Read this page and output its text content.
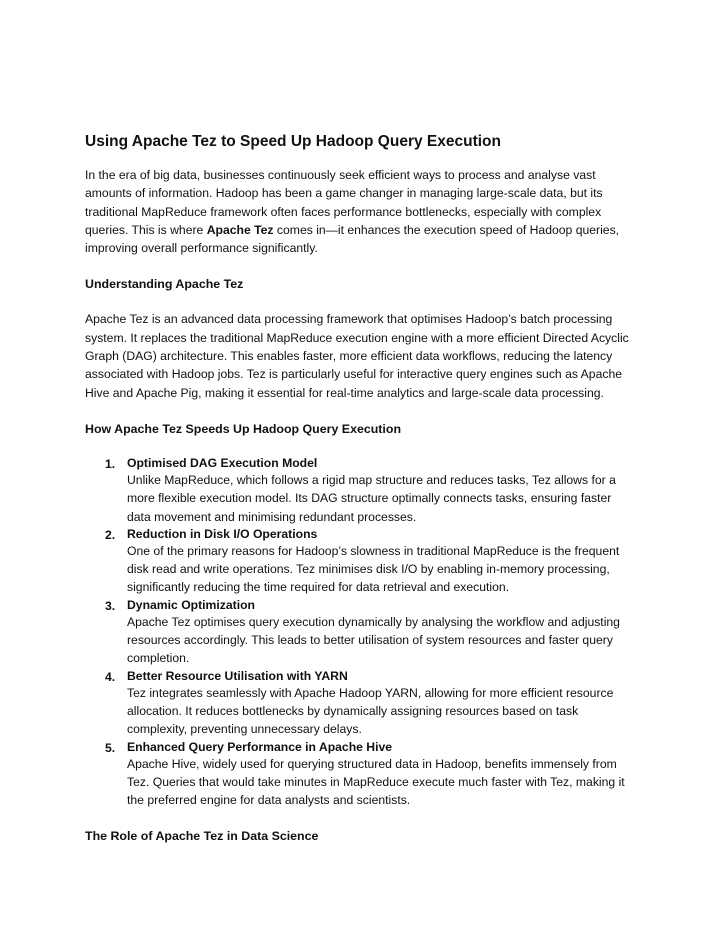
Using Apache Tez to Speed Up Hadoop Query Execution

In the era of big data, businesses continuously seek efficient ways to process and analyse vast amounts of information. Hadoop has been a game changer in managing large-scale data, but its traditional MapReduce framework often faces performance bottlenecks, especially with complex queries. This is where Apache Tez comes in—it enhances the execution speed of Hadoop queries, improving overall performance significantly.

Understanding Apache Tez

Apache Tez is an advanced data processing framework that optimises Hadoop’s batch processing system. It replaces the traditional MapReduce execution engine with a more efficient Directed Acyclic Graph (DAG) architecture. This enables faster, more efficient data workflows, reducing the latency associated with Hadoop jobs. Tez is particularly useful for interactive query engines such as Apache Hive and Apache Pig, making it essential for real-time analytics and large-scale data processing.

How Apache Tez Speeds Up Hadoop Query Execution
1. Optimised DAG Execution Model
Unlike MapReduce, which follows a rigid map structure and reduces tasks, Tez allows for a more flexible execution model. Its DAG structure optimally connects tasks, ensuring faster data movement and minimising redundant processes.
2. Reduction in Disk I/O Operations
One of the primary reasons for Hadoop’s slowness in traditional MapReduce is the frequent disk read and write operations. Tez minimises disk I/O by enabling in-memory processing, significantly reducing the time required for data retrieval and execution.
3. Dynamic Optimization
Apache Tez optimises query execution dynamically by analysing the workflow and adjusting resources accordingly. This leads to better utilisation of system resources and faster query completion.
4. Better Resource Utilisation with YARN
Tez integrates seamlessly with Apache Hadoop YARN, allowing for more efficient resource allocation. It reduces bottlenecks by dynamically assigning resources based on task complexity, preventing unnecessary delays.
5. Enhanced Query Performance in Apache Hive
Apache Hive, widely used for querying structured data in Hadoop, benefits immensely from Tez. Queries that would take minutes in MapReduce execute much faster with Tez, making it the preferred engine for data analysts and scientists.
The Role of Apache Tez in Data Science
